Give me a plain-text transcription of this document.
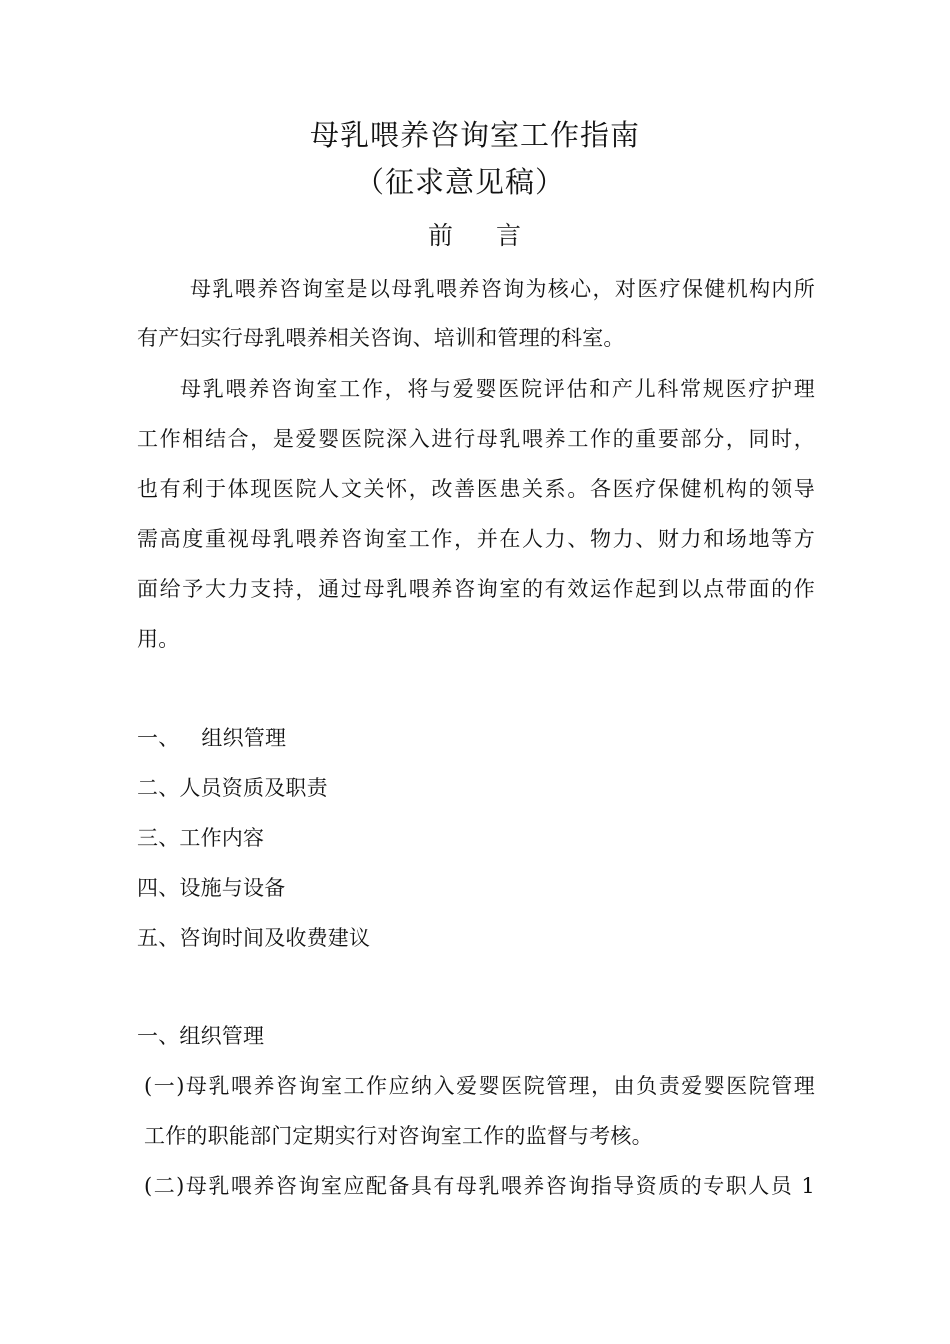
母乳喂养咨询室工作指南
（征求意见稿）
前 言
母乳喂养咨询室是以母乳喂养咨询为核心，对医疗保健机构内所
有产妇实行母乳喂养相关咨询、培训和管理的科室。
母乳喂养咨询室工作，将与爱婴医院评估和产儿科常规医疗护理
工作相结合，是爱婴医院深入进行母乳喂养工作的重要部分，同时，
也有利于体现医院人文关怀，改善医患关系。各医疗保健机构的领导
需高度重视母乳喂养咨询室工作，并在人力、物力、财力和场地等方
面给予大力支持，通过母乳喂养咨询室的有效运作起到以点带面的作
用。
一、 组织管理
二、人员资质及职责
三、工作内容
四、设施与设备
五、咨询时间及收费建议
一、组织管理
(一)母乳喂养咨询室工作应纳入爱婴医院管理，由负责爱婴医院管理
工作的职能部门定期实行对咨询室工作的监督与考核。
(二)母乳喂养咨询室应配备具有母乳喂养咨询指导资质的专职人员 1
